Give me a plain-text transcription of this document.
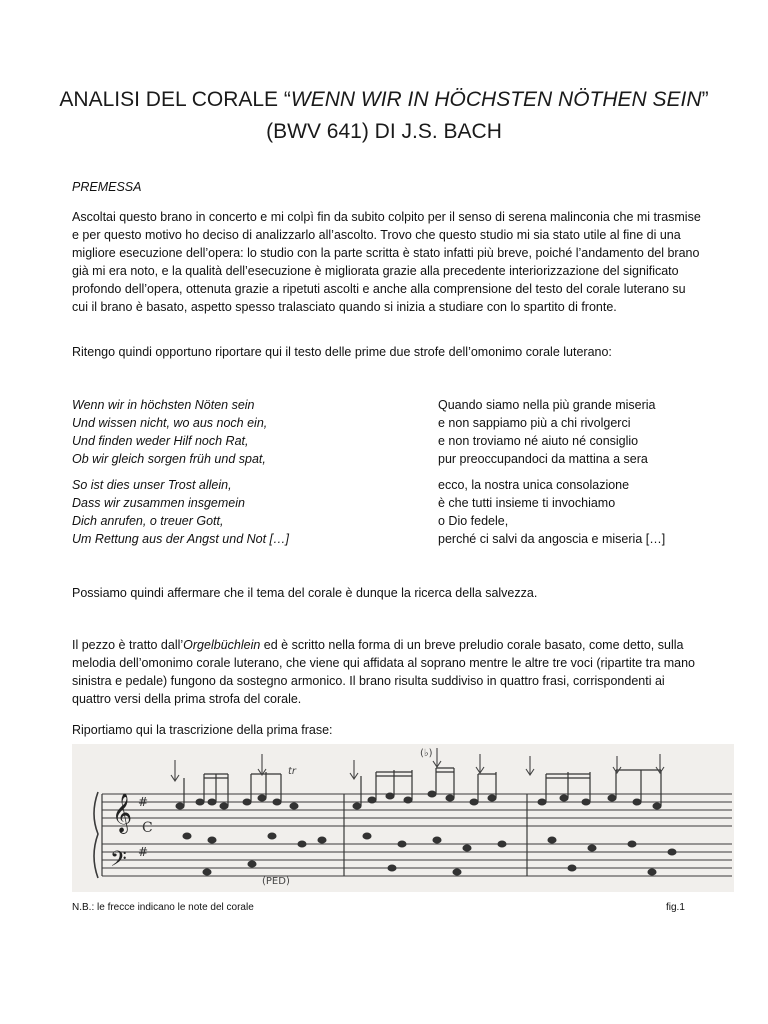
ANALISI DEL CORALE “WENN WIR IN HÖCHSTEN NÖTHEN SEIN”
(BWV 641) DI J.S. BACH
PREMESSA
Ascoltai questo brano in concerto e mi colpì fin da subito colpito per il senso di serena malinconia che mi trasmise e per questo motivo ho deciso di analizzarlo all’ascolto. Trovo che questo studio mi sia stato utile al fine di una migliore esecuzione dell’opera: lo studio con la parte scritta è stato infatti più breve, poiché l’andamento del brano già mi era noto, e la qualità dell’esecuzione è migliorata grazie alla precedente interiorizzazione del significato profondo dell’opera, ottenuta grazie a ripetuti ascolti e anche alla comprensione del testo del corale luterano su cui il brano è basato, aspetto spesso tralasciato quando si inizia a studiare con lo spartito di fronte.
Ritengo quindi opportuno riportare qui il testo delle prime due strofe dell’omonimo corale luterano:
Wenn wir in höchsten Nöten sein
Und wissen nicht, wo aus noch ein,
Und finden weder Hilf noch Rat,
Ob wir gleich sorgen früh und spat,
So ist dies unser Trost allein,
Dass wir zusammen insgemein
Dich anrufen, o treuer Gott,
Um Rettung aus der Angst und Not […]
Quando siamo nella più grande miseria
e non sappiamo più a chi rivolgerci
e non troviamo né aiuto né consiglio
pur preoccupandoci da mattina a sera
ecco, la nostra unica consolazione
è che tutti insieme ti invochiamo
o Dio fedele,
perché ci salvi da angoscia e miseria […]
Possiamo quindi affermare che il tema del corale è dunque la ricerca della salvezza.
Il pezzo è tratto dall’Orgelbüchlein ed è scritto nella forma di un breve preludio corale basato, come detto, sulla melodia dell’omonimo corale luterano, che viene qui affidata al soprano mentre le altre tre voci (ripartite tra mano sinistra e pedale) fungono da sostegno armonico. Il brano risulta suddiviso in quattro frasi, corrispondenti ai quattro versi della prima strofa del corale.
Riportiamo qui la trascrizione della prima frase:
𝄞
𝄢
C
#
#
tr
(♭)
(PED)
N.B.: le frecce indicano le note del corale	fig.1
